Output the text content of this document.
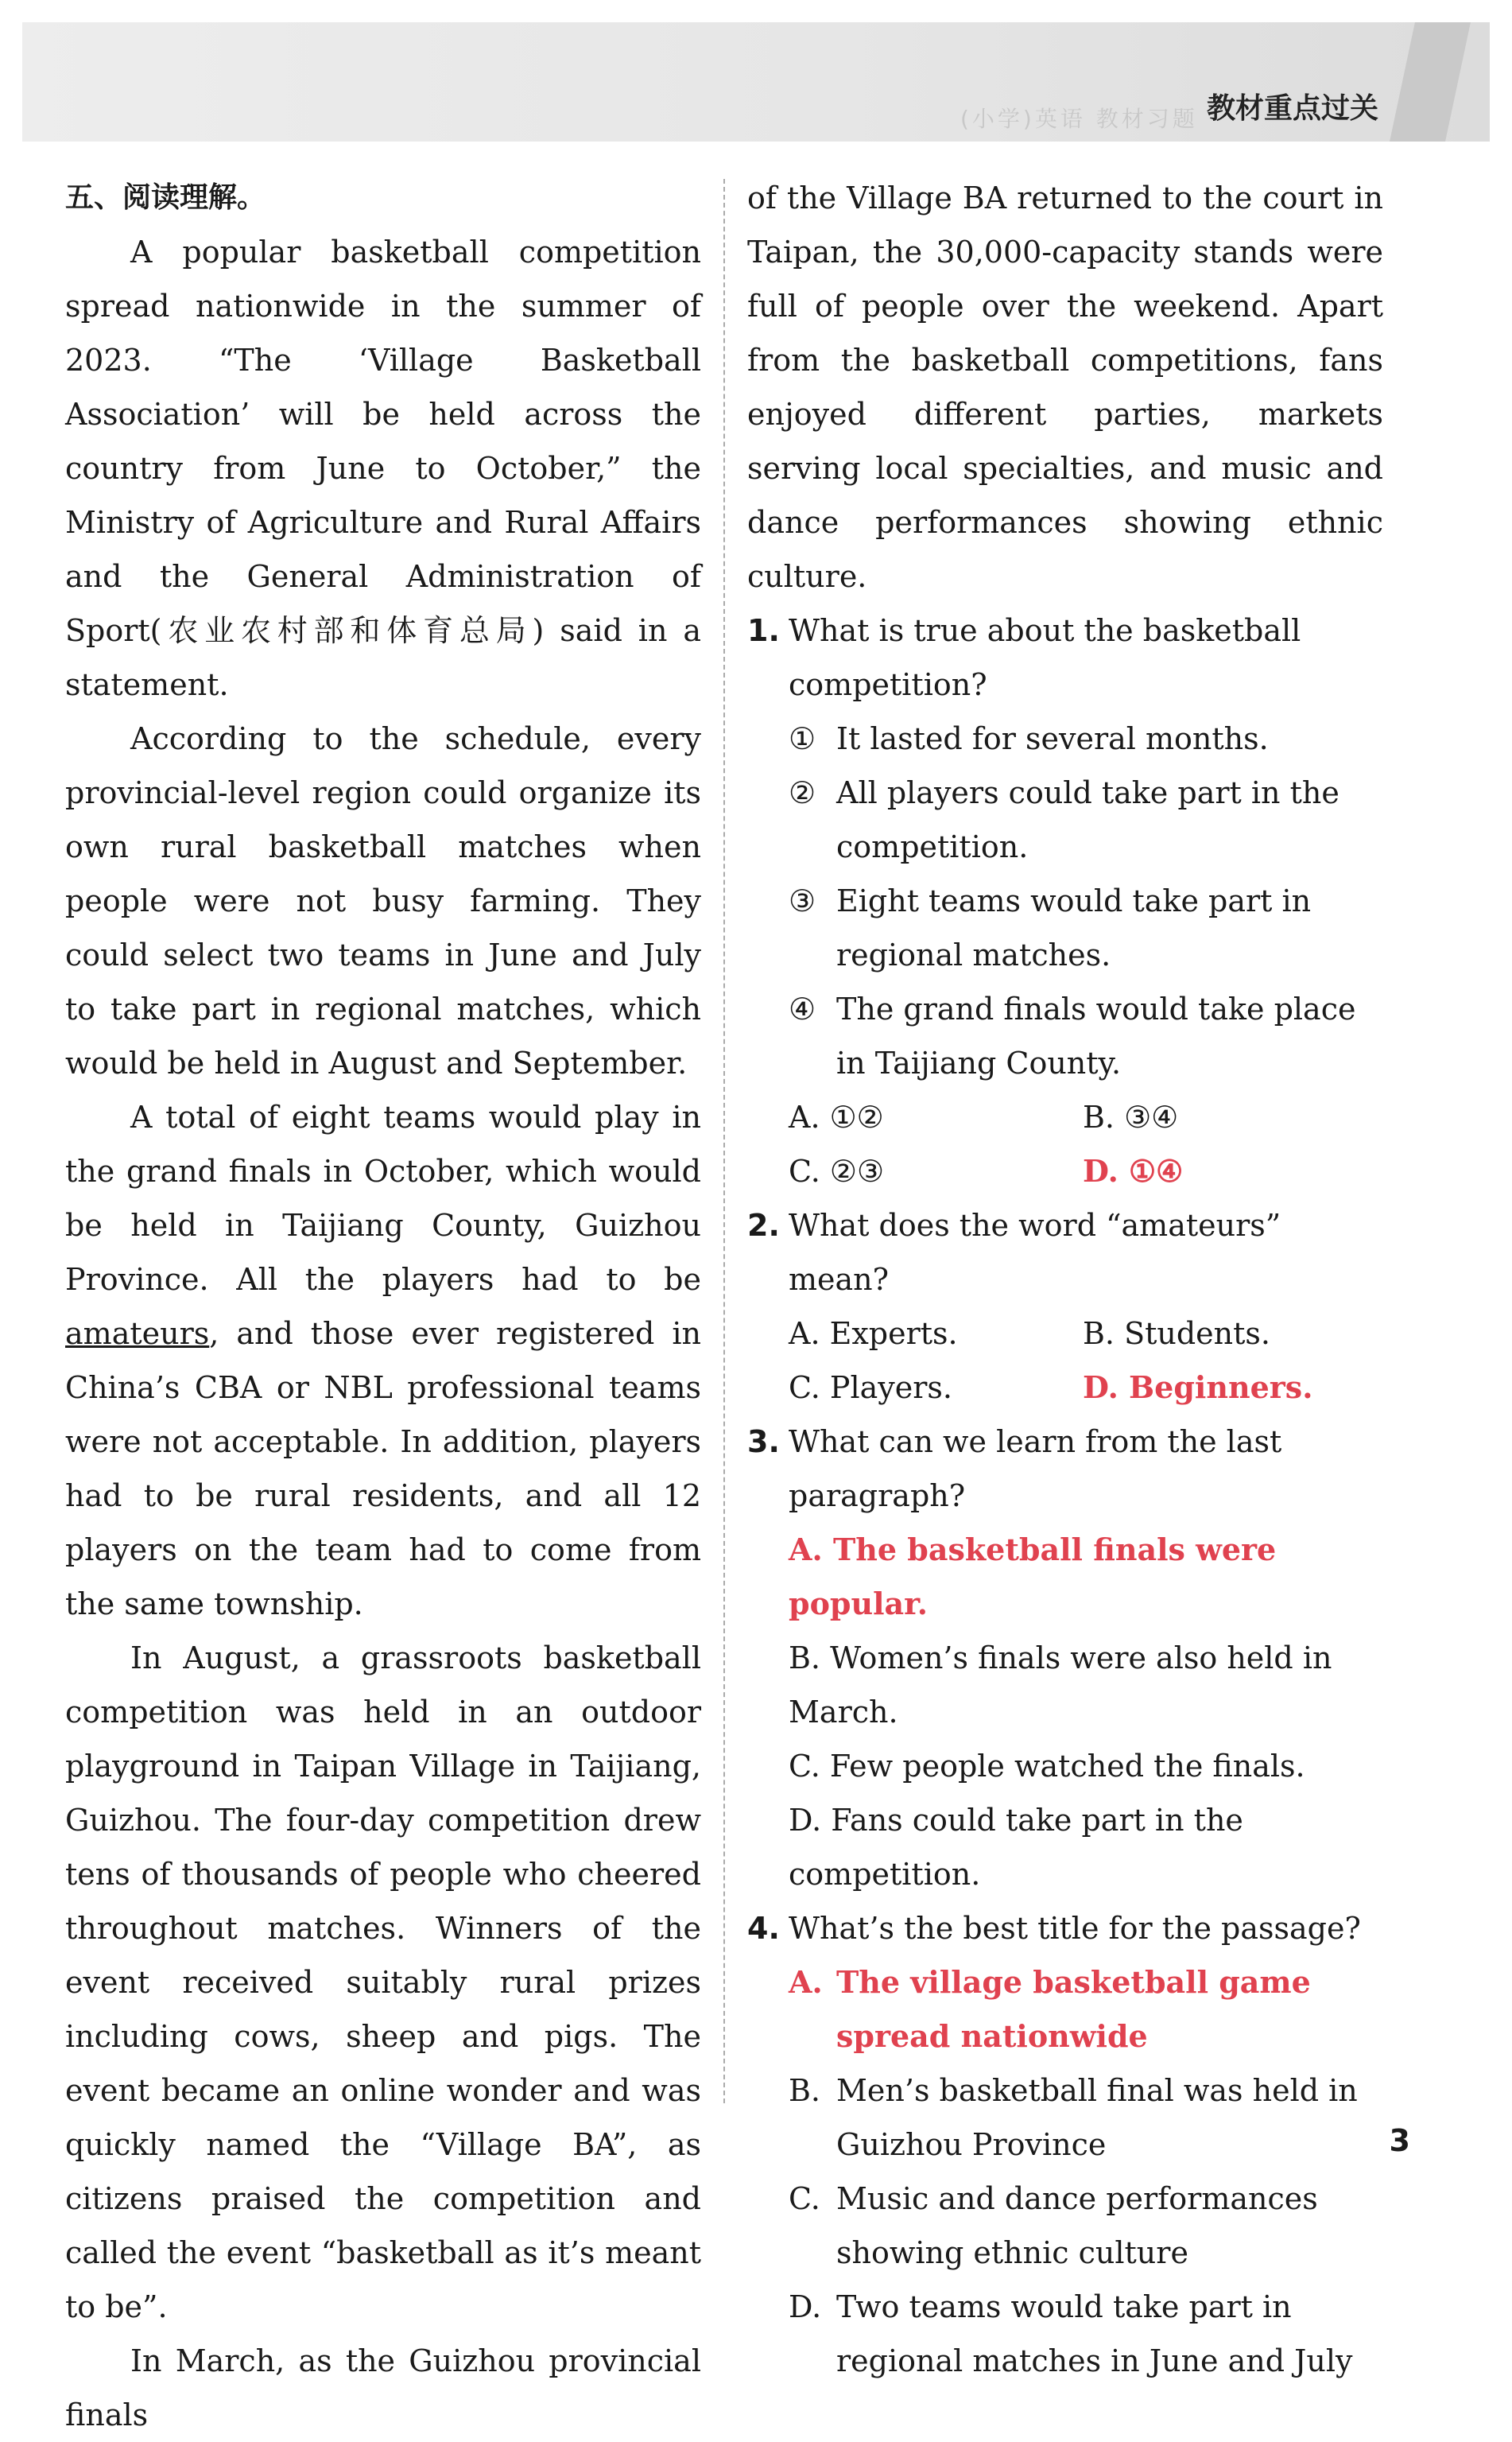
(小学)英语 教材习题 教材重点过关
五、阅读理解。

A popular basketball competition spread nationwide in the summer of 2023. “The ‘Village Basketball Association’ will be held across the country from June to October,” the Ministry of Agriculture and Rural Affairs and the General Administration of Sport(农业农村部和体育总局) said in a statement.

According to the schedule, every provincial-level region could organize its own rural basketball matches when people were not busy farming. They could select two teams in June and July to take part in regional matches, which would be held in August and September.

A total of eight teams would play in the grand finals in October, which would be held in Taijiang County, Guizhou Province. All the players had to be amateurs, and those ever registered in China’s CBA or NBL professional teams were not acceptable. In addition, players had to be rural residents, and all 12 players on the team had to come from the same township.

In August, a grassroots basketball competition was held in an outdoor playground in Taipan Village in Taijiang, Guizhou. The four-day competition drew tens of thousands of people who cheered throughout matches. Winners of the event received suitably rural prizes including cows, sheep and pigs. The event became an online wonder and was quickly named the “Village BA”, as citizens praised the competition and called the event “basketball as it’s meant to be”.

In March, as the Guizhou provincial finals

of the Village BA returned to the court in Taipan, the 30,000-capacity stands were full of people over the weekend. Apart from the basketball competitions, fans enjoyed different parties, markets serving local specialties, and music and dance performances showing ethnic culture.

1. What is true about the basketball competition?
① It lasted for several months.
② All players could take part in the competition.
③ Eight teams would take part in regional matches.
④ The grand finals would take place in Taijiang County.
A. ①②	B. ③④
C. ②③	D. ①④
2. What does the word “amateurs” mean?
A. Experts.	B. Students.
C. Players.	D. Beginners.
3. What can we learn from the last paragraph?
A. The basketball finals were popular.
B. Women’s finals were also held in March.
C. Few people watched the finals.
D. Fans could take part in the competition.
4. What’s the best title for the passage?
A. The village basketball game spread nationwide
B. Men’s basketball final was held in Guizhou Province
C. Music and dance performances showing ethnic culture
D. Two teams would take part in regional matches in June and July
3
